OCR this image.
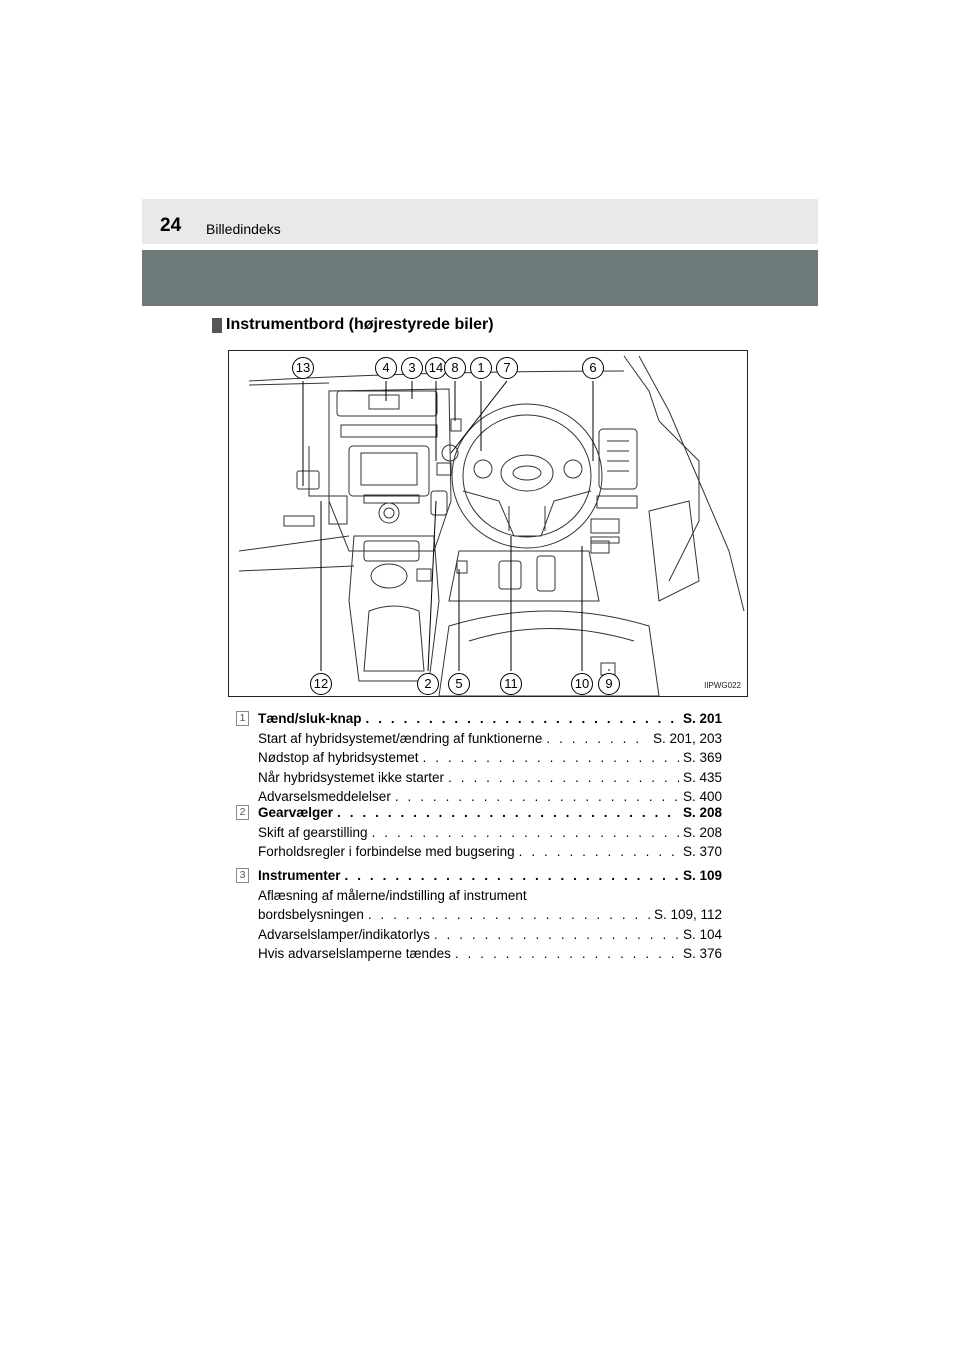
24 Billedindeks
Instrumentbord (højrestyrede biler)
13	4	3	14 8	1	7	6
12	2	5	11	10	9	IIPWG022
1 Tænd/sluk-knap . . .	S. 201
Start af hybridsystemet/ændring af funktionerne . . .	S. 201, 203
Nødstop af hybridsystemet . . .	S. 369
Når hybridsystemet ikke starter . . .	S. 435
Advarselsmeddelelser . . .	S. 400
2 Gearvælger . . .	S. 208
Skift af gearstilling . . .	S. 208
Forholdsregler i forbindelse med bugsering . . .	S. 370
3 Instrumenter . . .	S. 109
Aflæsning af målerne/indstilling af instrument
bordsbelysningen . . .	S. 109, 112
Advarselslamper/indikatorlys . . .	S. 104
Hvis advarselslamperne tændes . . .	S. 376
